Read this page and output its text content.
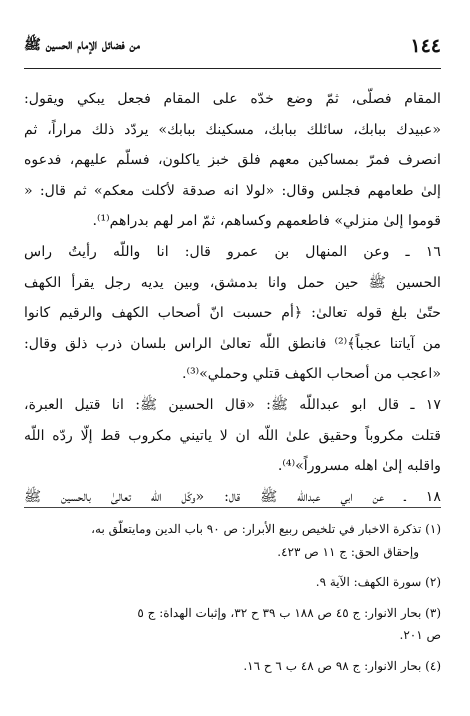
١٤٤
من فضائل الإمام الحسين ﷺ

المقام فصلّى، ثمّ وضع خدّه على المقام فجعل يبكي ويقول:

«عبيدك ببابك، سائلك ببابك، مسكينك ببابك» يردّد ذلك مراراً، ثم

انصرف فمرّ بمساكين معهم فلق خبز ياكلون، فسلّم عليهم، فدعوه

إلىٰ طعامهم فجلس وقال: «لولا انه صدقة لأكلت معكم» ثم قال: «

قوموا إلىٰ منزلي» فاطعمهم وكساهم، ثمّ امر لهم بدراهم⁽¹⁾.

١٦ ـ وعن المنهال بن عمرو قال: انا واللّه رأيتُ راس

الحسين ﷺ حين حمل وانا بدمشق، وبين يديه رجل يقرأ الكهف

حتّىٰ بلغ قوله تعالىٰ: ﴿أم حسبت انّ أصحاب الكهف والرقيم كانوا

من آياتنا عجباً﴾⁽²⁾ فانطق اللّه تعالىٰ الراس بلسان ذرب ذلق وقال:

«اعجب من أصحاب الكهف قتلي وحملي»⁽³⁾.

١٧ ـ قال ابو عبداللّه ﷺ: «قال الحسين ﷺ: انا قتيل العبرة،

قتلت مكروباً وحقيق علىٰ اللّه ان لا ياتيني مكروب قط إلّا ردّه اللّه

واقلبه إلىٰ اهله مسروراً»⁽⁴⁾.

١٨ ـ عن ابي عبداللّه ﷺ قال: «وكّل اللّه تعالىٰ بالحسين ﷺ

(١) تذكرة الاخبار في تلخيص ربيع الأبرار: ص ٩٠ باب الدين ومايتعلّق به،

وإحقاق الحق: ج ١١ ص ٤٢٣.

(٢) سورة الكهف: الآية ٩.

(٣) بحار الانوار: ج ٤٥ ص ١٨٨ ب ٣٩ ح ٣٢، وإثبات الهداة: ج ٥

ص ٢٠١.

(٤) بحار الانوار: ج ٩٨ ص ٤٨ ب ٦ ح ١٦.
